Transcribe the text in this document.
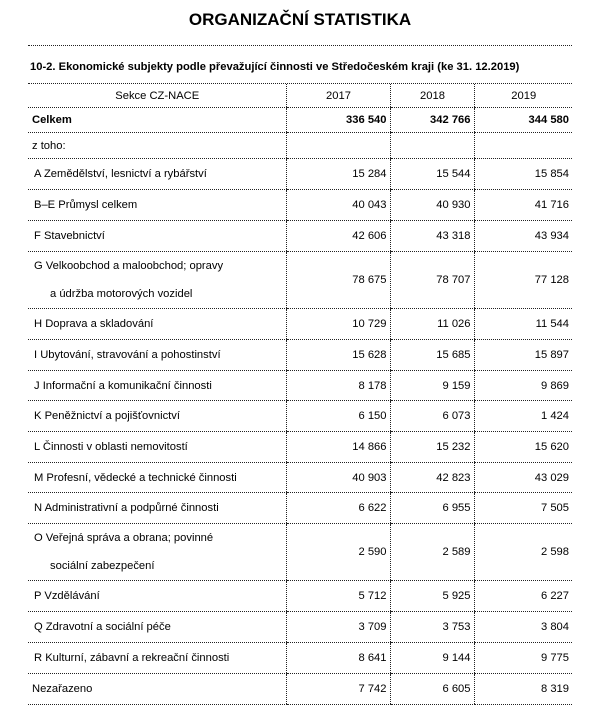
ORGANIZAČNÍ STATISTIKA
10-2. Ekonomické subjekty podle převažující činnosti ve Středočeském kraji (ke 31. 12.2019)
Sekce CZ-NACE	2017	2018	2019
Celkem	336 540	342 766	344 580
z toho:			
A Zemědělství, lesnictví a rybářství	15 284	15 544	15 854
B–E Průmysl celkem	40 043	40 930	41 716
F Stavebnictví	42 606	43 318	43 934
G Velkoobchod a maloobchod; opravy
a údržba motorových vozidel	78 675	78 707	77 128
H Doprava a skladování	10 729	11 026	11 544
I Ubytování, stravování a pohostinství	15 628	15 685	15 897
J Informační a komunikační činnosti	8 178	9 159	9 869
K Peněžnictví a pojišťovnictví	6 150	6 073	1 424
L Činnosti v oblasti nemovitostí	14 866	15 232	15 620
M Profesní, vědecké a technické činnosti	40 903	42 823	43 029
N Administrativní a podpůrné činnosti	6 622	6 955	7 505
O Veřejná správa a obrana; povinné
sociální zabezpečení	2 590	2 589	2 598
P Vzdělávání	5 712	5 925	6 227
Q Zdravotní a sociální péče	3 709	3 753	3 804
R Kulturní, zábavní a rekreační činnosti	8 641	9 144	9 775
Nezařazeno	7 742	6 605	8 319
